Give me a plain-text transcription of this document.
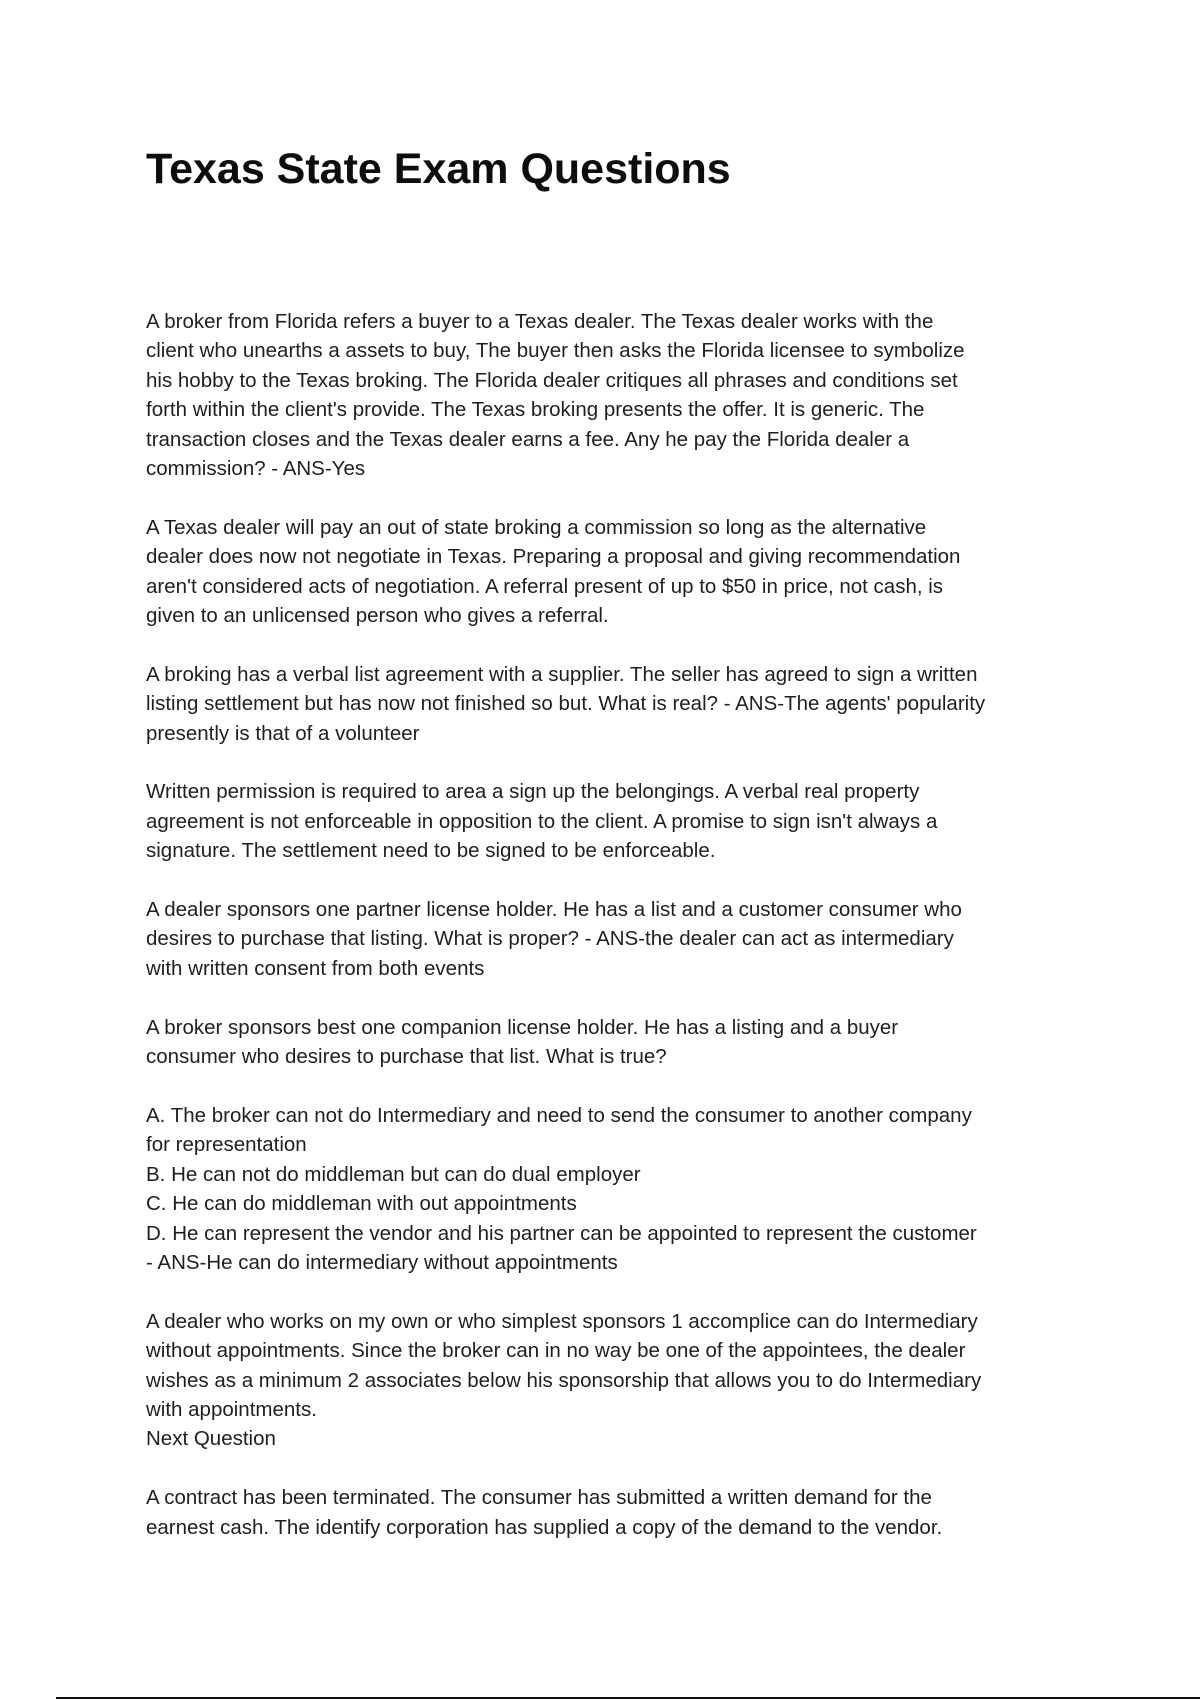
Texas State Exam Questions

A broker from Florida refers a buyer to a Texas dealer. The Texas dealer works with the
client who unearths a assets to buy, The buyer then asks the Florida licensee to symbolize
his hobby to the Texas broking. The Florida dealer critiques all phrases and conditions set
forth within the client's provide. The Texas broking presents the offer. It is generic. The
transaction closes and the Texas dealer earns a fee. Any he pay the Florida dealer a
commission? - ANS-Yes

A Texas dealer will pay an out of state broking a commission so long as the alternative
dealer does now not negotiate in Texas. Preparing a proposal and giving recommendation
aren't considered acts of negotiation. A referral present of up to $50 in price, not cash, is
given to an unlicensed person who gives a referral.

A broking has a verbal list agreement with a supplier. The seller has agreed to sign a written
listing settlement but has now not finished so but. What is real? - ANS-The agents' popularity
presently is that of a volunteer

Written permission is required to area a sign up the belongings. A verbal real property
agreement is not enforceable in opposition to the client. A promise to sign isn't always a
signature. The settlement need to be signed to be enforceable.

A dealer sponsors one partner license holder. He has a list and a customer consumer who
desires to purchase that listing. What is proper? - ANS-the dealer can act as intermediary
with written consent from both events

A broker sponsors best one companion license holder. He has a listing and a buyer
consumer who desires to purchase that list. What is true?

A. The broker can not do Intermediary and need to send the consumer to another company
for representation
B. He can not do middleman but can do dual employer
C. He can do middleman with out appointments
D. He can represent the vendor and his partner can be appointed to represent the customer
- ANS-He can do intermediary without appointments

A dealer who works on my own or who simplest sponsors 1 accomplice can do Intermediary
without appointments. Since the broker can in no way be one of the appointees, the dealer
wishes as a minimum 2 associates below his sponsorship that allows you to do Intermediary
with appointments.
Next Question

A contract has been terminated. The consumer has submitted a written demand for the
earnest cash. The identify corporation has supplied a copy of the demand to the vendor.
